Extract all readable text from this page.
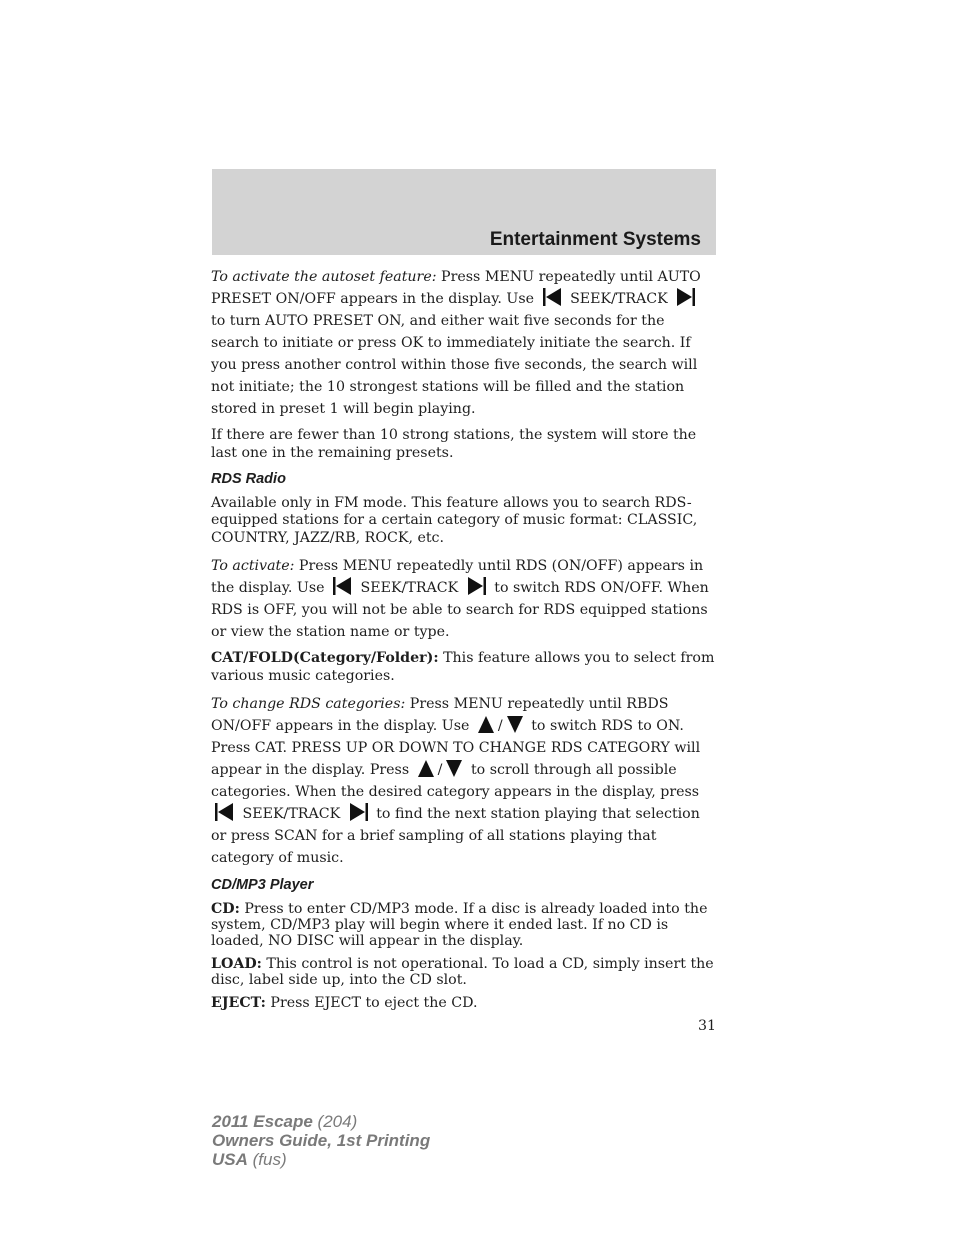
Entertainment Systems

To activate the autoset feature: Press MENU repeatedly until AUTO PRESET ON/OFF appears in the display. Use	SEEK/TRACK  to turn AUTO PRESET ON, and either wait five seconds for the search to initiate or press OK to immediately initiate the search. If you press another control within those five seconds, the search will not initiate; the 10 strongest stations will be filled and the station stored in preset 1 will begin playing.

If there are fewer than 10 strong stations, the system will store the last one in the remaining presets.

RDS Radio

Available only in FM mode. This feature allows you to search RDS-equipped stations for a certain category of music format: CLASSIC, COUNTRY, JAZZ/RB, ROCK, etc.

To activate: Press MENU repeatedly until RDS (ON/OFF) appears in the display. Use	SEEK/TRACK	to switch RDS ON/OFF. When RDS is OFF, you will not be able to search for RDS equipped stations or view the station name or type.

CAT/FOLD(Category/Folder): This feature allows you to select from various music categories.

To change RDS categories: Press MENU repeatedly until RBDS ON/OFF appears in the display. Use / to switch RDS to ON. Press CAT. PRESS UP OR DOWN TO CHANGE RDS CATEGORY will appear in the display. Press / to scroll through all possible categories. When the desired category appears in the display, press  SEEK/TRACK	to find the next station playing that selection or press SCAN for a brief sampling of all stations playing that category of music.

CD/MP3 Player

CD: Press to enter CD/MP3 mode. If a disc is already loaded into the system, CD/MP3 play will begin where it ended last. If no CD is loaded, NO DISC will appear in the display.

LOAD: This control is not operational. To load a CD, simply insert the disc, label side up, into the CD slot.

EJECT: Press EJECT to eject the CD.

31
2011 Escape (204)
Owners Guide, 1st Printing
USA (fus)
